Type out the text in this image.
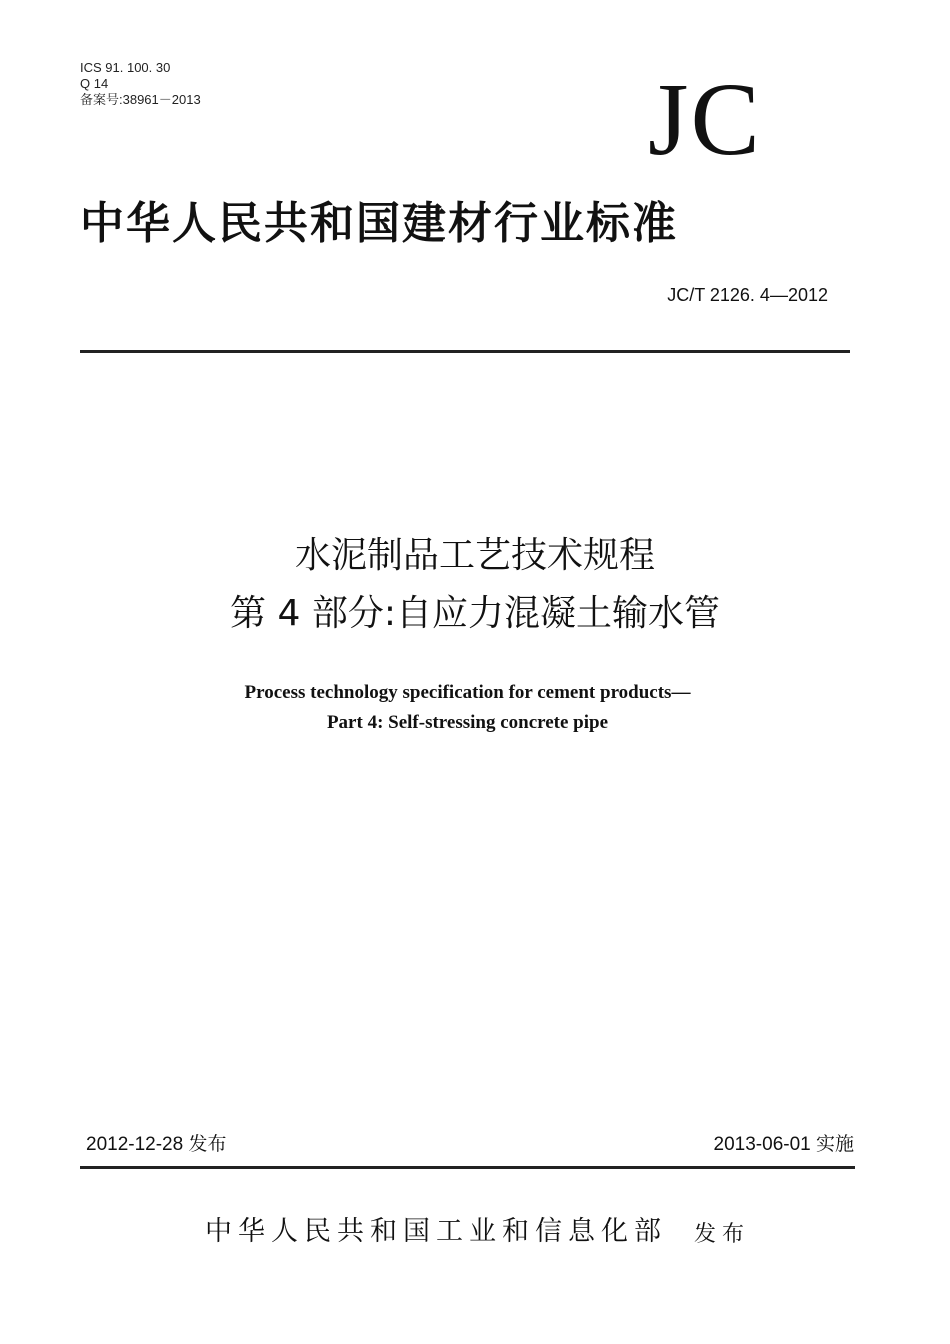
ICS 91. 100. 30
Q 14
备案号:38961－2013	JC
中华人民共和国建材行业标准
JC/T 2126. 4—2012
水泥制品工艺技术规程
第 4 部分:自应力混凝土输水管
Process technology specification for cement products—
Part 4: Self-stressing concrete pipe
2012-12-28 发布	2013-06-01 实施
中华人民共和国工业和信息化部 发布
